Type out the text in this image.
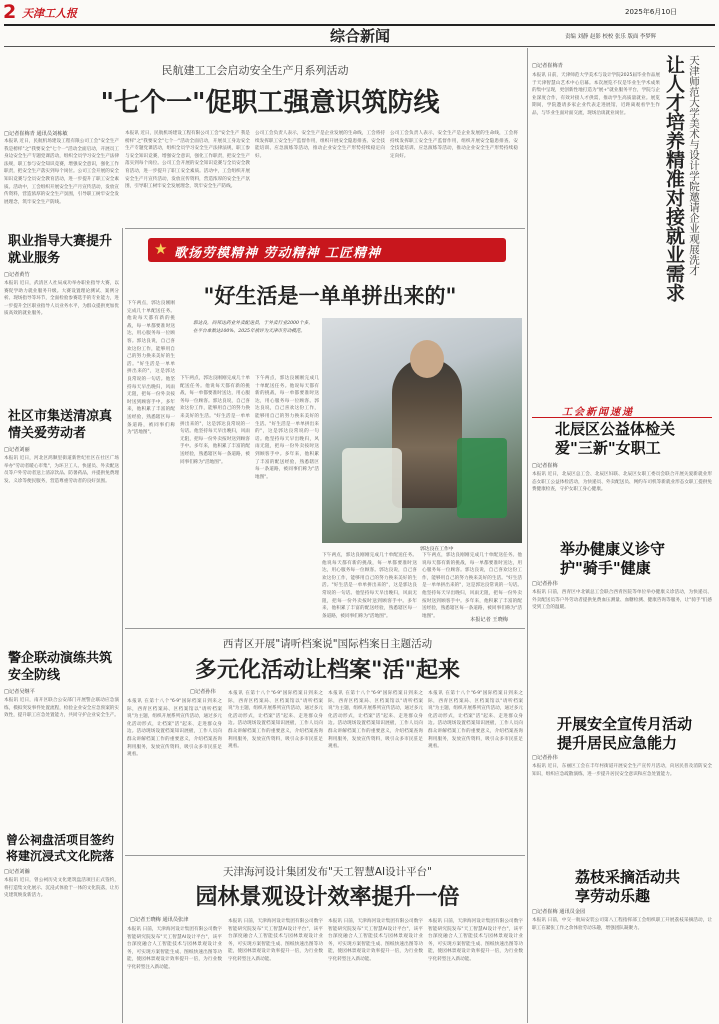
2 天津工人报	2025年6月10日
综合新闻	责编 刘静 赵影 校校 张乐 版面 李梦辉
民航建工工会启动安全生产月系列活动
"七个一"促职工强意识筑防线
□记者崔梅青 通讯员刘栋敏
本报讯 近日，民航机场建设工程有限公司工会"安全生产 我是榜样"之"我要安全"七个一"活动全面启动，开展员工身边安全生产专题党课活动，组织全员学习安全生产法律法规，职工参与安全知识竞赛，增强安全意识，强化工作职责，把安全生产落实到每个岗位。公司工会开展的安全知识竞赛与全员安全教育活动，进一步提升了职工安全素质。活动中，工会组织开展安全生产月宣传活动，发放宣传资料，营造浓厚的安全生产氛围，引导职工树牢安全发展理念，筑牢安全生产防线。
本报讯 近日，民航机场建设工程有限公司工会"安全生产 我是榜样"之"我要安全"七个一"活动全面启动，开展员工身边安全生产专题党课活动，组织全员学习安全生产法律法规，职工参与安全知识竞赛，增强安全意识，强化工作职责，把安全生产落实到每个岗位。公司工会开展的安全知识竞赛与全员安全教育活动，进一步提升了职工安全素质。活动中，工会组织开展安全生产月宣传活动，发放宣传资料，营造浓厚的安全生产氛围，引导职工树牢安全发展理念，筑牢安全生产防线。
公司工会负责人表示，安全生产是企业发展的生命线，工会将持续发挥职工安全生产监督作用，组织开展安全隐患排查、安全技能培训、应急演练等活动，推动企业安全生产形势持续稳定向好。
公司工会负责人表示，安全生产是企业发展的生命线，工会将持续发挥职工安全生产监督作用，组织开展安全隐患排查、安全技能培训、应急演练等活动，推动企业安全生产形势持续稳定向好。	天津师范大学美术与设计学院邀请企业观展洗才
让人才培养精准对接就业需求
□记者崔梅青
本报讯 日前，天津师范大学美术与设计学院2025届毕业作品展于天津智慧山艺术中心启幕。本次展览不仅是毕业生学术成果的集中呈现，更创新性地打造为"展+"就业服务平台，学院与企业深度合作，有效对接人才供需，推动学生高质量就业。展览期间，学院邀请多家企业代表走进展馆，近距离观看学生作品，与毕业生面对面交流，现场洽谈就业岗位。
工会新闻速递
北辰区公益体检关爱"三新"女职工
□记者崔梅
本报讯 近日，北辰区总工会、北辰区妇联、北辰区女职工委员会联合开展关爱新就业形态女职工公益体检活动，为快递员、外卖配送员、网约车司机等新就业形态女职工提供免费健康检查，守护女职工身心健康。
举办健康义诊守护"骑手"健康
□记者孙伟
本报讯 日前，西青区中北镇总工会联合西青医院等单位举办健康义诊活动，为快递员、外卖配送员等户外劳动者提供免费血压测量、血糖检测、健康咨询等服务，让"骑手"们感受到工会的温暖。
开展安全宣传月活动提升居民应急能力
□记者孙伟
本报讯 近日，东丽区工会在丰年村街道开展安全生产宣传月活动，向居民普及消防安全知识，组织应急疏散演练，进一步提升居民安全意识和应急处置能力。
荔枝采摘活动共享劳动乐趣
□记者崔梅 通讯员金园
本报讯 日前，中交一航局安装公司第八工程指挥部工会组织职工开展荔枝采摘活动，让职工在紧张工作之余体验劳动乐趣，增强团队凝聚力。
职业指导大赛提升就业服务
□记者黄竹
本报讯 近日，武清区人社局成功举办职业指导大赛，以赛促学助力就业服务升级。大赛设置理论测试、案例分析、现场指导等环节，全面检验参赛选手的专业能力，进一步提升全区职业指导人员业务水平，为群众提供更加优质高效的就业服务。
社区市集送清凉真情关爱劳动者
□记者刘丽
本报讯 近日，河北区鸿顺里街道新世纪社区在社区广场举办"劳动者暖心市集"，为环卫工人、快递员、外卖配送员等户外劳动者送上清凉饮品、防暑药品，并提供免费理发、义诊等便民服务，营造尊重劳动者的良好氛围。
警企联动演练共筑安全防线
□记者吴继平
本报讯 近日，南开区联合公安部门开展警企联动应急演练，模拟突发事件处置流程，检验企业安全应急预案的实效性，提升职工应急处置能力，共同守护企业安全生产。
曾公祠盘活项目签约将建沉浸式文化院落
□记者刘瀚
本报讯 近日，曾公祠历史文化建筑盘活项目正式签约，将打造集文化展示、沉浸式体验于一体的文化院落，让历史建筑焕发新活力。
★ 歌扬劳模精神 劳动精神 工匠精神
"好生活是一单单拼出来的"
郭达良，尚邦达药业外卖配送员，于外卖行业2000个多，在平台单数达100%，2025年被评为天津市劳动模范。
郭达良在工作中
下午两点，郭达良刚刚完成几十单配送任务。他说每天都有新的挑战，每一单都要准时送达，用心服务每一位顾客。郭达良说，自己喜欢这份工作，能够用自己的努力换来美好的生活。"好生活是一单单拼出来的"，这是郭达良常说的一句话。他坚持每天早出晚归，风雨无阻，把每一份外卖按时送到顾客手中。多年来，他积累了丰富的配送经验，熟悉辖区每一条道路，被同事们称为"活地图"。
下午两点，郭达良刚刚完成几十单配送任务。他说每天都有新的挑战，每一单都要准时送达，用心服务每一位顾客。郭达良说，自己喜欢这份工作，能够用自己的努力换来美好的生活。"好生活是一单单拼出来的"，这是郭达良常说的一句话。他坚持每天早出晚归，风雨无阻，把每一份外卖按时送到顾客手中。多年来，他积累了丰富的配送经验，熟悉辖区每一条道路，被同事们称为"活地图"。
下午两点，郭达良刚刚完成几十单配送任务。他说每天都有新的挑战，每一单都要准时送达，用心服务每一位顾客。郭达良说，自己喜欢这份工作，能够用自己的努力换来美好的生活。"好生活是一单单拼出来的"，这是郭达良常说的一句话。他坚持每天早出晚归，风雨无阻，把每一份外卖按时送到顾客手中。多年来，他积累了丰富的配送经验，熟悉辖区每一条道路，被同事们称为"活地图"。
下午两点，郭达良刚刚完成几十单配送任务。他说每天都有新的挑战，每一单都要准时送达，用心服务每一位顾客。郭达良说，自己喜欢这份工作，能够用自己的努力换来美好的生活。"好生活是一单单拼出来的"，这是郭达良常说的一句话。他坚持每天早出晚归，风雨无阻，把每一份外卖按时送到顾客手中。多年来，他积累了丰富的配送经验，熟悉辖区每一条道路，被同事们称为"活地图"。
本报记者 王晓梅
下午两点，郭达良刚刚完成几十单配送任务。他说每天都有新的挑战，每一单都要准时送达，用心服务每一位顾客。郭达良说，自己喜欢这份工作，能够用自己的努力换来美好的生活。"好生活是一单单拼出来的"，这是郭达良常说的一句话。他坚持每天早出晚归，风雨无阻，把每一份外卖按时送到顾客手中。多年来，他积累了丰富的配送经验，熟悉辖区每一条道路，被同事们称为"活地图"。
西青区开展"请听档案说"国际档案日主题活动
多元化活动让档案"活"起来
□记者孙伟
本报讯 在第十八个"6·9"国际档案日到来之际，西青区档案局、区档案馆以"请听档案说"为主题，组织开展系列宣传活动，通过多元化活动形式，让档案"活"起来、走进群众身边。活动现场设置档案知识展板，工作人员向群众讲解档案工作的重要意义，介绍档案查询利用服务，发放宣传资料，吸引众多市民驻足观看。
本报讯 在第十八个"6·9"国际档案日到来之际，西青区档案局、区档案馆以"请听档案说"为主题，组织开展系列宣传活动，通过多元化活动形式，让档案"活"起来、走进群众身边。活动现场设置档案知识展板，工作人员向群众讲解档案工作的重要意义，介绍档案查询利用服务，发放宣传资料，吸引众多市民驻足观看。
本报讯 在第十八个"6·9"国际档案日到来之际，西青区档案局、区档案馆以"请听档案说"为主题，组织开展系列宣传活动，通过多元化活动形式，让档案"活"起来、走进群众身边。活动现场设置档案知识展板，工作人员向群众讲解档案工作的重要意义，介绍档案查询利用服务，发放宣传资料，吸引众多市民驻足观看。
本报讯 在第十八个"6·9"国际档案日到来之际，西青区档案局、区档案馆以"请听档案说"为主题，组织开展系列宣传活动，通过多元化活动形式，让档案"活"起来、走进群众身边。活动现场设置档案知识展板，工作人员向群众讲解档案工作的重要意义，介绍档案查询利用服务，发放宣传资料，吸引众多市民驻足观看。
天津海河设计集团发布"天工智慧AI设计平台"
园林景观设计效率提升一倍
□记者王晓梅 通讯员张津
本报讯 日前，天津海河设计集团有限公司数字智能研究院发布"天工智慧AI设计平台"，该平台深度融合人工智能技术与园林景观设计业务，可实现方案智能生成、图纸快速出图等功能，使园林景观设计效率提升一倍，为行业数字化转型注入新动能。
本报讯 日前，天津海河设计集团有限公司数字智能研究院发布"天工智慧AI设计平台"，该平台深度融合人工智能技术与园林景观设计业务，可实现方案智能生成、图纸快速出图等功能，使园林景观设计效率提升一倍，为行业数字化转型注入新动能。
本报讯 日前，天津海河设计集团有限公司数字智能研究院发布"天工智慧AI设计平台"，该平台深度融合人工智能技术与园林景观设计业务，可实现方案智能生成、图纸快速出图等功能，使园林景观设计效率提升一倍，为行业数字化转型注入新动能。
本报讯 日前，天津海河设计集团有限公司数字智能研究院发布"天工智慧AI设计平台"，该平台深度融合人工智能技术与园林景观设计业务，可实现方案智能生成、图纸快速出图等功能，使园林景观设计效率提升一倍，为行业数字化转型注入新动能。
